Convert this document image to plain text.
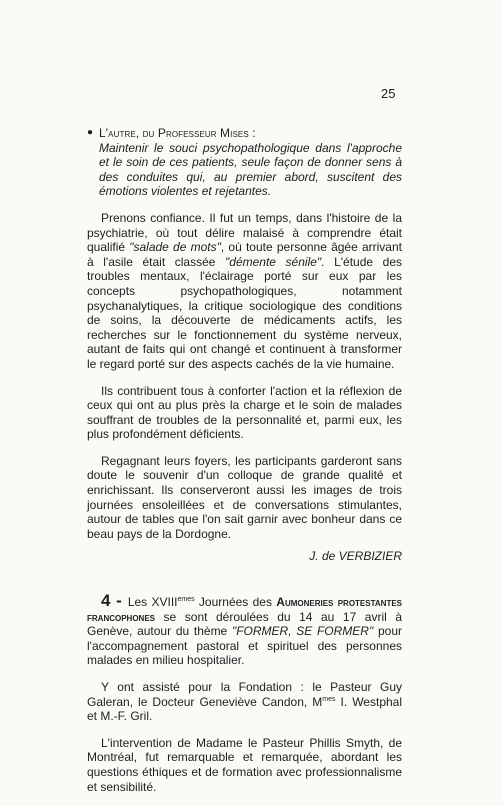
25
● L'autre, du Professeur Mises :
Maintenir le souci psychopathologique dans l'approche et le soin de ces patients, seule façon de donner sens à des conduites qui, au premier abord, suscitent des émotions violentes et rejetantes.

Prenons confiance. Il fut un temps, dans l'histoire de la psychiatrie, où tout délire malaisé à comprendre était qualifié "salade de mots", où toute personne âgée arrivant à l'asile était classée "démente sénile". L'étude des troubles mentaux, l'éclairage porté sur eux par les concepts psychopathologiques, notamment psychanalytiques, la critique sociologique des conditions de soins, la découverte de médicaments actifs, les recherches sur le fonctionnement du système nerveux, autant de faits qui ont changé et continuent à transformer le regard porté sur des aspects cachés de la vie humaine.

Ils contribuent tous à conforter l'action et la réflexion de ceux qui ont au plus près la charge et le soin de malades souffrant de troubles de la personnalité et, parmi eux, les plus profondément déficients.

Regagnant leurs foyers, les participants garderont sans doute le souvenir d'un colloque de grande qualité et enrichissant. Ils conserveront aussi les images de trois journées ensoleillées et de conversations stimulantes, autour de tables que l'on sait garnir avec bonheur dans ce beau pays de la Dordogne.

J. de VERBIZIER

4 - Les XVIIIemes Journées des Aumoneries protestantes francophones se sont déroulées du 14 au 17 avril à Genève, autour du thème "FORMER, SE FORMER" pour l'accompagnement pastoral et spirituel des personnes malades en milieu hospitalier.

Y ont assisté pour la Fondation : le Pasteur Guy Galeran, le Docteur Geneviève Candon, $M^{mes}$ I. Westphal et M.-F. Gril.

L'intervention de Madame le Pasteur Phillis Smyth, de Montréal, fut remarquable et remarquée, abordant les questions éthiques et de formation avec professionnalisme et sensibilité.
